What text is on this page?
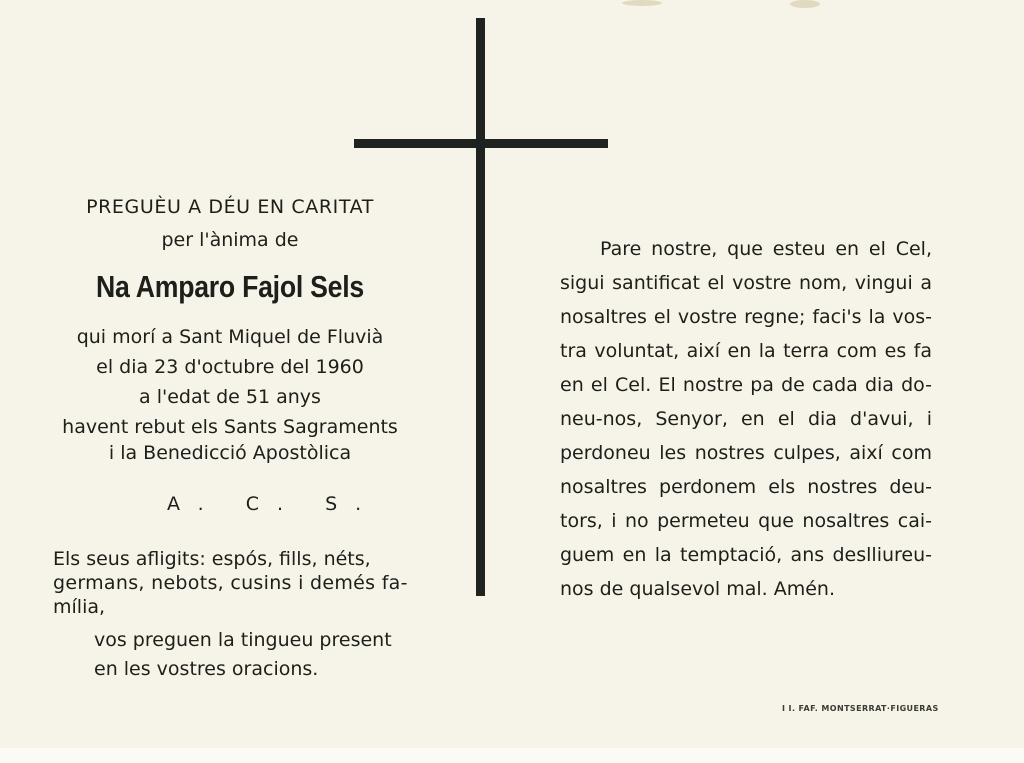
PREGUÈU A DÉU EN CARITAT
per l'ànima de
Na Amparo Fajol Sels
qui morí a Sant Miquel de Fluvià
el dia 23 d'octubre del 1960
a l'edat de 51 anys
havent rebut els Sants Sagraments
i la Benedicció Apostòlica
A. C. S.
Els seus afligits: espós, fills, néts,
germans, nebots, cusins i demés fa-
mília,
vos preguen la tingueu present
en les vostres oracions.
Pare nostre, que esteu en el Cel,
sigui santificat el vostre nom, vingui a
nosaltres el vostre regne; faci's la vos-
tra voluntat, així en la terra com es fa
en el Cel. El nostre pa de cada dia do-
neu-nos, Senyor, en el dia d'avui, i
perdoneu les nostres culpes, així com
nosaltres perdonem els nostres deu-
tors, i no permeteu que nosaltres cai-
guem en la temptació, ans deslliureu-
nos de qualsevol mal. Amén.
I I. FAF. MONTSERRAT·FIGUERAS
